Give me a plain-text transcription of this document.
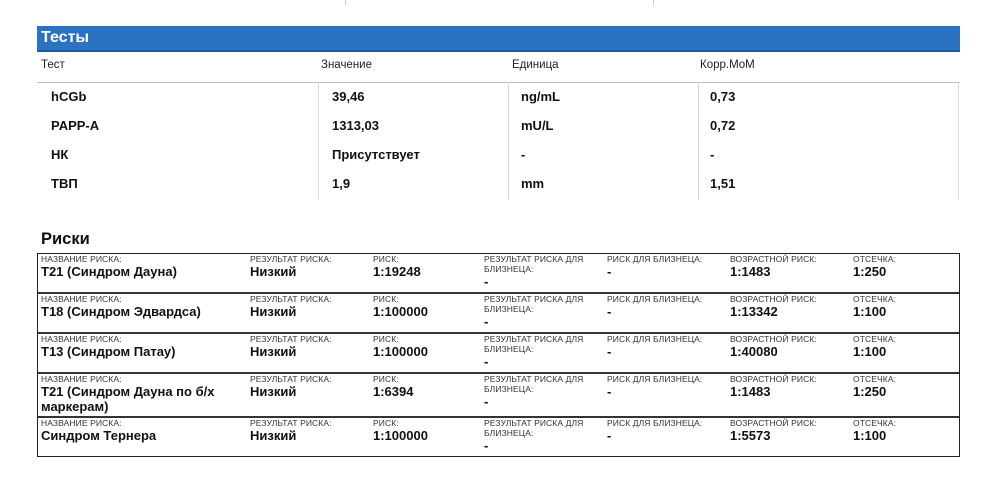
Тесты
Тест	Значение	Единица	Корр.МоМ
hCGb	39,46	ng/mL	0,73
PAPP-A	1313,03	mU/L	0,72
НК	Присутствует	-	-
ТВП	1,9	mm	1,51
Риски
НАЗВАНИЕ РИСКА:
T21 (Синдром Дауна)
РЕЗУЛЬТАТ РИСКА:
Низкий
РИСК:
1:19248
РЕЗУЛЬТАТ РИСКА ДЛЯ
БЛИЗНЕЦА:
-
РИСК ДЛЯ БЛИЗНЕЦА:
-
ВОЗРАСТНОЙ РИСК:
1:1483
ОТСЕЧКА:
1:250
НАЗВАНИЕ РИСКА:
T18 (Синдром Эдвардса)
РЕЗУЛЬТАТ РИСКА:
Низкий
РИСК:
1:100000
РЕЗУЛЬТАТ РИСКА ДЛЯ
БЛИЗНЕЦА:
-
РИСК ДЛЯ БЛИЗНЕЦА:
-
ВОЗРАСТНОЙ РИСК:
1:13342
ОТСЕЧКА:
1:100
НАЗВАНИЕ РИСКА:
T13 (Синдром Патау)
РЕЗУЛЬТАТ РИСКА:
Низкий
РИСК:
1:100000
РЕЗУЛЬТАТ РИСКА ДЛЯ
БЛИЗНЕЦА:
-
РИСК ДЛЯ БЛИЗНЕЦА:
-
ВОЗРАСТНОЙ РИСК:
1:40080
ОТСЕЧКА:
1:100
НАЗВАНИЕ РИСКА:
T21 (Синдром Дауна по б/х маркерам)
РЕЗУЛЬТАТ РИСКА:
Низкий
РИСК:
1:6394
РЕЗУЛЬТАТ РИСКА ДЛЯ
БЛИЗНЕЦА:
-
РИСК ДЛЯ БЛИЗНЕЦА:
-
ВОЗРАСТНОЙ РИСК:
1:1483
ОТСЕЧКА:
1:250
НАЗВАНИЕ РИСКА:
Синдром Тернера
РЕЗУЛЬТАТ РИСКА:
Низкий
РИСК:
1:100000
РЕЗУЛЬТАТ РИСКА ДЛЯ
БЛИЗНЕЦА:
-
РИСК ДЛЯ БЛИЗНЕЦА:
-
ВОЗРАСТНОЙ РИСК:
1:5573
ОТСЕЧКА:
1:100
